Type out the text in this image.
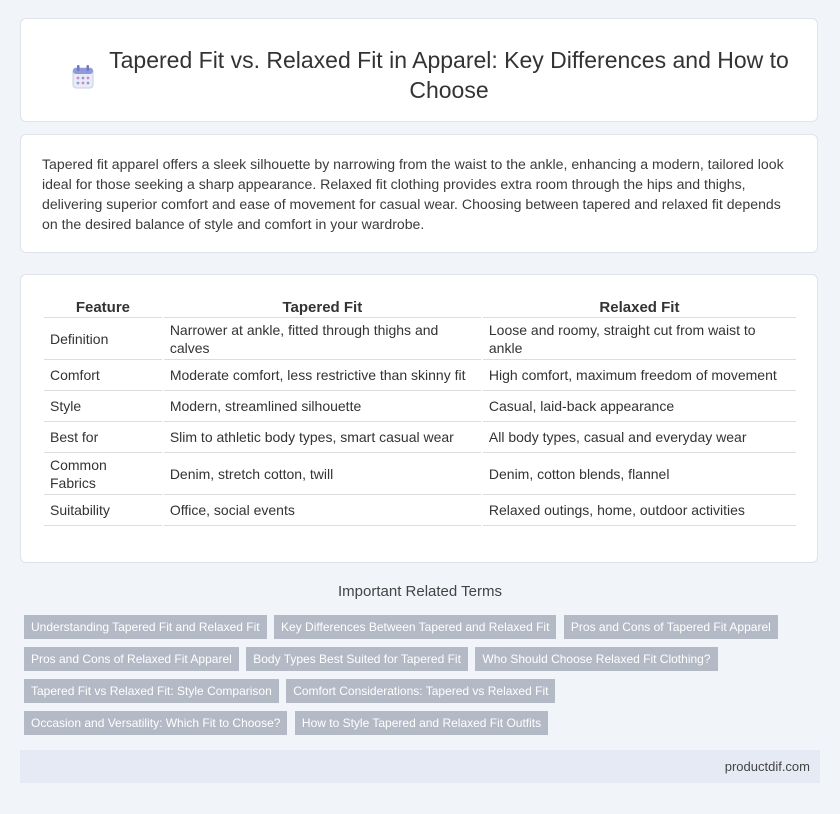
Tapered Fit vs. Relaxed Fit in Apparel: Key Differences and How to Choose

Tapered fit apparel offers a sleek silhouette by narrowing from the waist to the ankle, enhancing a modern, tailored look ideal for those seeking a sharp appearance. Relaxed fit clothing provides extra room through the hips and thighs, delivering superior comfort and ease of movement for casual wear. Choosing between tapered and relaxed fit depends on the desired balance of style and comfort in your wardrobe.

Feature	Tapered Fit	Relaxed Fit
Definition	Narrower at ankle, fitted through thighs and calves	Loose and roomy, straight cut from waist to ankle
Comfort	Moderate comfort, less restrictive than skinny fit	High comfort, maximum freedom of movement
Style	Modern, streamlined silhouette	Casual, laid-back appearance
Best for	Slim to athletic body types, smart casual wear	All body types, casual and everyday wear
Common Fabrics	Denim, stretch cotton, twill	Denim, cotton blends, flannel
Suitability	Office, social events	Relaxed outings, home, outdoor activities
Important Related Terms
Understanding Tapered Fit and Relaxed Fit Key Differences Between Tapered and Relaxed Fit Pros and Cons of Tapered Fit Apparel
Pros and Cons of Relaxed Fit Apparel Body Types Best Suited for Tapered Fit Who Should Choose Relaxed Fit Clothing?
Tapered Fit vs Relaxed Fit: Style Comparison Comfort Considerations: Tapered vs Relaxed Fit
Occasion and Versatility: Which Fit to Choose? How to Style Tapered and Relaxed Fit Outfits
productdif.com
